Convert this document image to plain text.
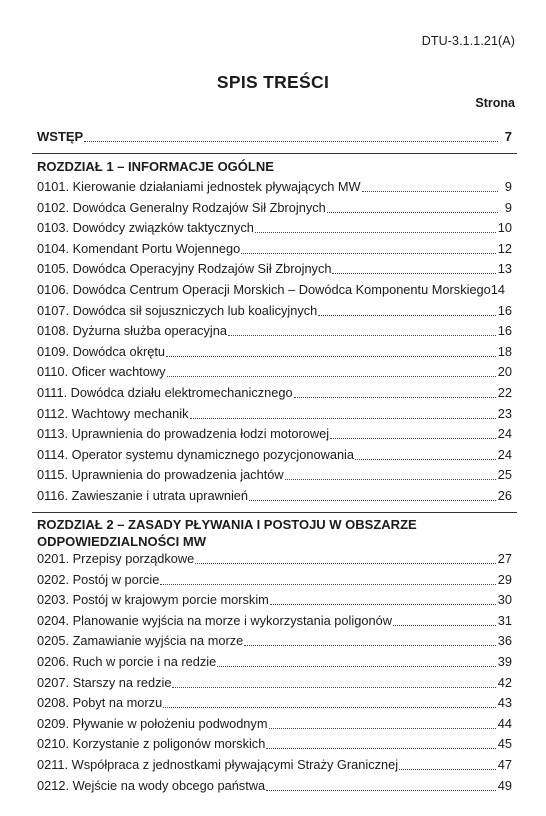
DTU-3.1.1.21(A)
SPIS TREŚCI
Strona
WSTĘP	7
ROZDZIAŁ 1 – INFORMACJE OGÓLNE
0101. Kierowanie działaniami jednostek pływających MW	9
0102. Dowódca Generalny Rodzajów Sił Zbrojnych	9
0103. Dowódcy związków taktycznych	10
0104. Komendant Portu Wojennego	12
0105. Dowódca Operacyjny Rodzajów Sił Zbrojnych	13
0106. Dowódca Centrum Operacji Morskich – Dowódca Komponentu Morskiego 14
0107. Dowódca sił sojuszniczych lub koalicyjnych	16
0108. Dyżurna służba operacyjna	16
0109. Dowódca okrętu	18
0110. Oficer wachtowy	20
0111. Dowódca działu elektromechanicznego	22
0112. Wachtowy mechanik	23
0113. Uprawnienia do prowadzenia łodzi motorowej	24
0114. Operator systemu dynamicznego pozycjonowania	24
0115. Uprawnienia do prowadzenia jachtów	25
0116. Zawieszanie i utrata uprawnień	26
ROZDZIAŁ 2 – ZASADY PŁYWANIA I POSTOJU W OBSZARZE
ODPOWIEDZIALNOŚCI MW
0201. Przepisy porządkowe	27
0202. Postój w porcie	29
0203. Postój w krajowym porcie morskim	30
0204. Planowanie wyjścia na morze i wykorzystania poligonów	31
0205. Zamawianie wyjścia na morze	36
0206. Ruch w porcie i na redzie	39
0207. Starszy na redzie	42
0208. Pobyt na morzu	43
0209. Pływanie w położeniu podwodnym	44
0210. Korzystanie z poligonów morskich	45
0211. Współpraca z jednostkami pływającymi Straży Granicznej	47
0212. Wejście na wody obcego państwa	49
